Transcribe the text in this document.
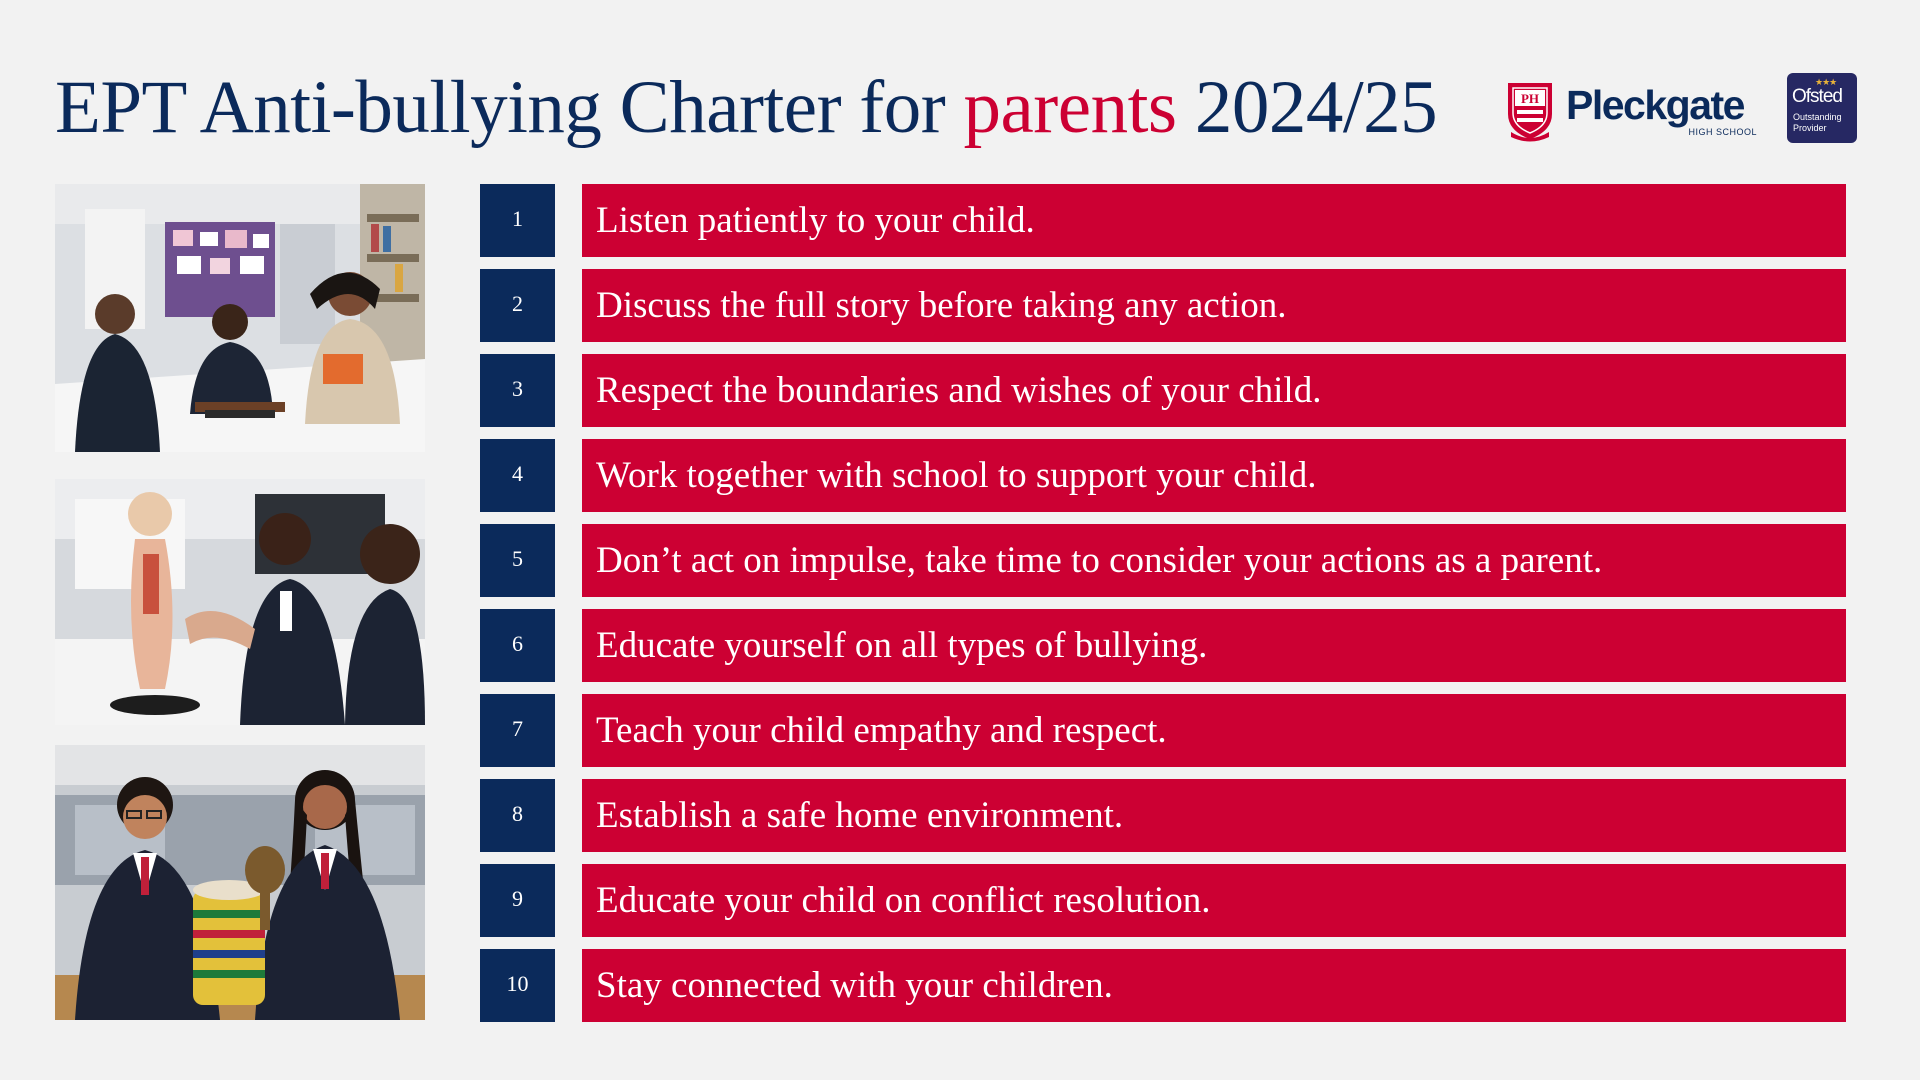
EPT Anti-bullying Charter for parents 2024/25	PH Pleckgate
HIGH SCHOOL
★★★
Ofsted
Outstanding
Provider
1	Listen patiently to your child.
2	Discuss the full story before taking any action.
3	Respect the boundaries and wishes of your child.
4	Work together with school to support your child.
5	Don’t act on impulse, take time to consider your actions as a parent.
6	Educate yourself on all types of bullying.
7	Teach your child empathy and respect.
8	Establish a safe home environment.
9	Educate your child on conflict resolution.
10	Stay connected with your children.
